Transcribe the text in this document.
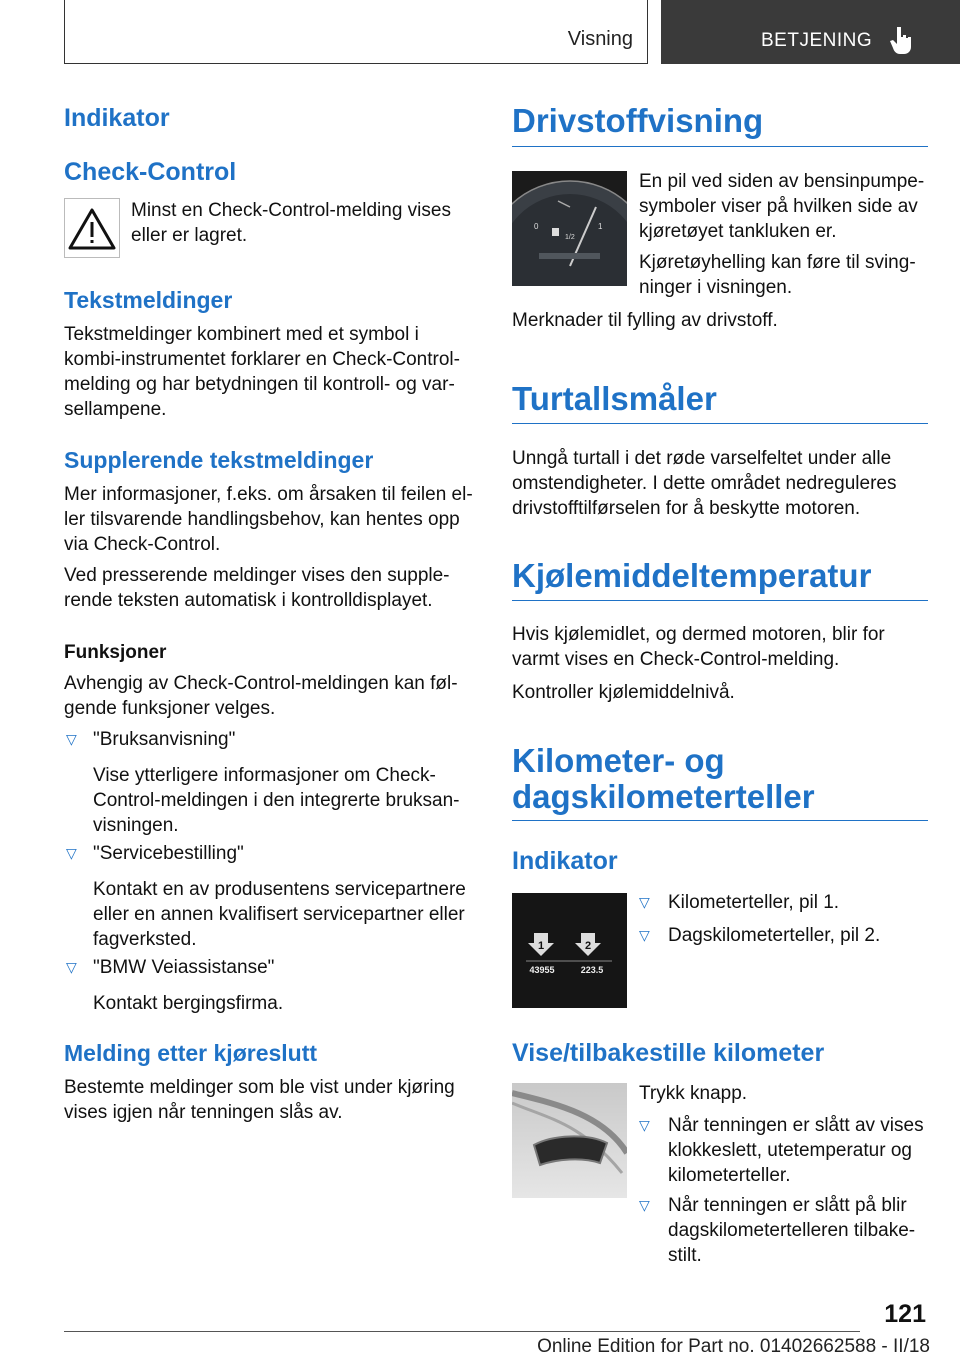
Visning	BETJENING
Indikator
Check-Control

Minst en Check-Control-melding vises eller er lagret.

Tekstmeldinger

Tekstmeldinger kombinert med et symbol i kombi-instrumentet forklarer en Check-Control-melding og har betydningen til kontroll- og var-sellampene.

Supplerende tekstmeldinger

Mer informasjoner, f.eks. om årsaken til feilen el-ler tilsvarende handlingsbehov, kan hentes opp via Check-Control.

Ved presserende meldinger vises den supple-rende teksten automatisk i kontrolldisplayet.

Funksjoner

Avhengig av Check-Control-meldingen kan føl-gende funksjoner velges.

▽ "Bruksanvisning"

Vise ytterligere informasjoner om Check-Control-meldingen i den integrerte bruksan-visningen.

▽ "Servicebestilling"

Kontakt en av produsentens servicepartnere eller en annen kvalifisert servicepartner eller fagverksted.

▽ "BMW Veiassistanse"

Kontakt bergingsfirma.

Melding etter kjøreslutt

Bestemte meldinger som ble vist under kjøring vises igjen når tenningen slås av.

Drivstoffvisning
0
1/2
1

En pil ved siden av bensinpumpe-symboler viser på hvilken side av kjøretøyet tankluken er.

Kjøretøyhelling kan føre til sving-ninger i visningen.

Merknader til fylling av drivstoff.

Turtallsmåler

Unngå turtall i det røde varselfeltet under alle omstendigheter. I dette området nedreguleres drivstofftilførselen for å beskytte motoren.

Kjølemiddeltemperatur

Hvis kjølemidlet, og dermed motoren, blir for varmt vises en Check-Control-melding.

Kontroller kjølemiddelnivå.

Kilometer- og
dagskilometerteller
Indikator
1	2
43955	223.5
▽ Kilometerteller, pil 1.

▽ Dagskilometerteller, pil 2.

Vise/tilbakestille kilometer

Trykk knapp.

▽ Når tenningen er slått av vises klokkeslett, utetemperatur og kilometerteller.

▽ Når tenningen er slått på blir dagskilometertelleren tilbake-stilt.

121
Online Edition for Part no. 01402662588 - II/18
